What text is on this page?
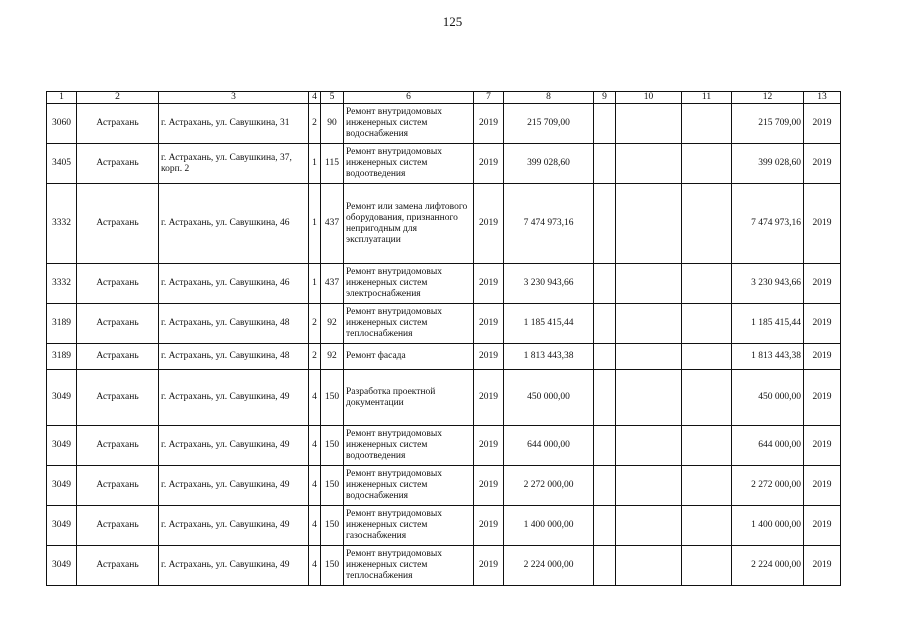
125
1	2	3	4	5	6	7	8	9	10	11	12	13
3060	Астрахань	г. Астрахань, ул. Савушкина, 31	2	90	Ремонт внутридомовых инженерных систем водоснабжения	2019	215 709,00				215 709,00	2019
3405	Астрахань	г. Астрахань, ул. Савушкина, 37, корп. 2	1	115	Ремонт внутридомовых инженерных систем водоотведения	2019	399 028,60				399 028,60	2019
3332	Астрахань	г. Астрахань, ул. Савушкина, 46	1	437	Ремонт или замена лифтового оборудования, признанного непригодным для эксплуатации	2019	7 474 973,16				7 474 973,16	2019
3332	Астрахань	г. Астрахань, ул. Савушкина, 46	1	437	Ремонт внутридомовых инженерных систем электроснабжения	2019	3 230 943,66				3 230 943,66	2019
3189	Астрахань	г. Астрахань, ул. Савушкина, 48	2	92	Ремонт внутридомовых инженерных систем теплоснабжения	2019	1 185 415,44				1 185 415,44	2019
3189	Астрахань	г. Астрахань, ул. Савушкина, 48	2	92	Ремонт фасада	2019	1 813 443,38				1 813 443,38	2019
3049	Астрахань	г. Астрахань, ул. Савушкина, 49	4	150	Разработка проектной документации	2019	450 000,00				450 000,00	2019
3049	Астрахань	г. Астрахань, ул. Савушкина, 49	4	150	Ремонт внутридомовых инженерных систем водоотведения	2019	644 000,00				644 000,00	2019
3049	Астрахань	г. Астрахань, ул. Савушкина, 49	4	150	Ремонт внутридомовых инженерных систем водоснабжения	2019	2 272 000,00				2 272 000,00	2019
3049	Астрахань	г. Астрахань, ул. Савушкина, 49	4	150	Ремонт внутридомовых инженерных систем газоснабжения	2019	1 400 000,00				1 400 000,00	2019
3049	Астрахань	г. Астрахань, ул. Савушкина, 49	4	150	Ремонт внутридомовых инженерных систем теплоснабжения	2019	2 224 000,00				2 224 000,00	2019
